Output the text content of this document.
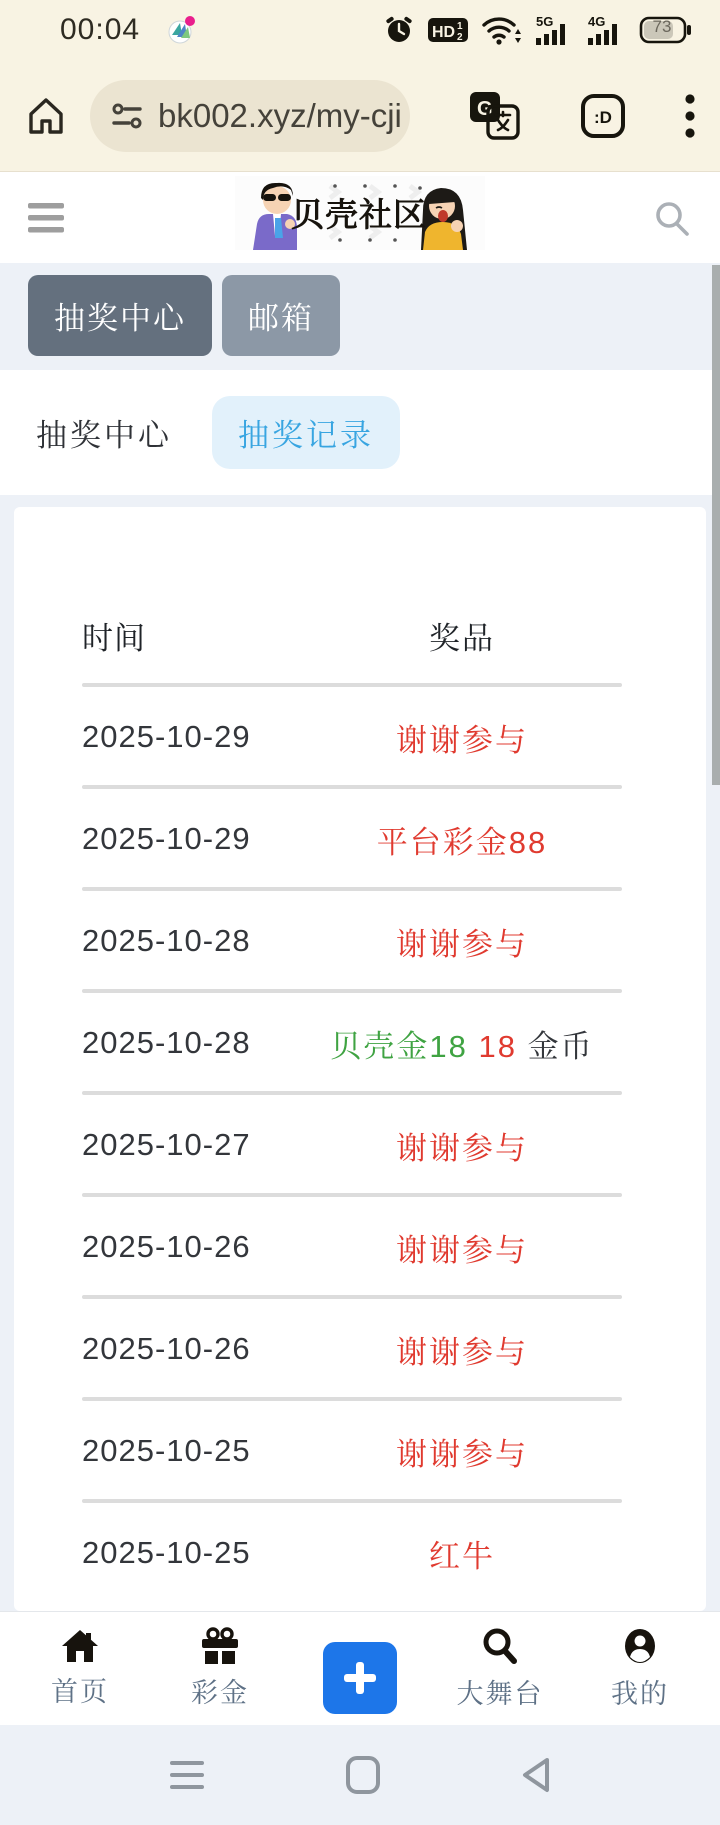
00:04	HD 1
2
5G	4G	73
bk002.xyz/my-cji	G	:D
贝壳社区
抽奖中心	邮箱
抽奖中心	抽奖记录
时间	奖品
2025-10-29	谢谢参与
2025-10-29	平台彩金88
2025-10-28	谢谢参与
2025-10-28	贝壳金18 18 金币
2025-10-27	谢谢参与
2025-10-26	谢谢参与
2025-10-26	谢谢参与
2025-10-25	谢谢参与
2025-10-25	红牛
首页	彩金	大舞台	我的
